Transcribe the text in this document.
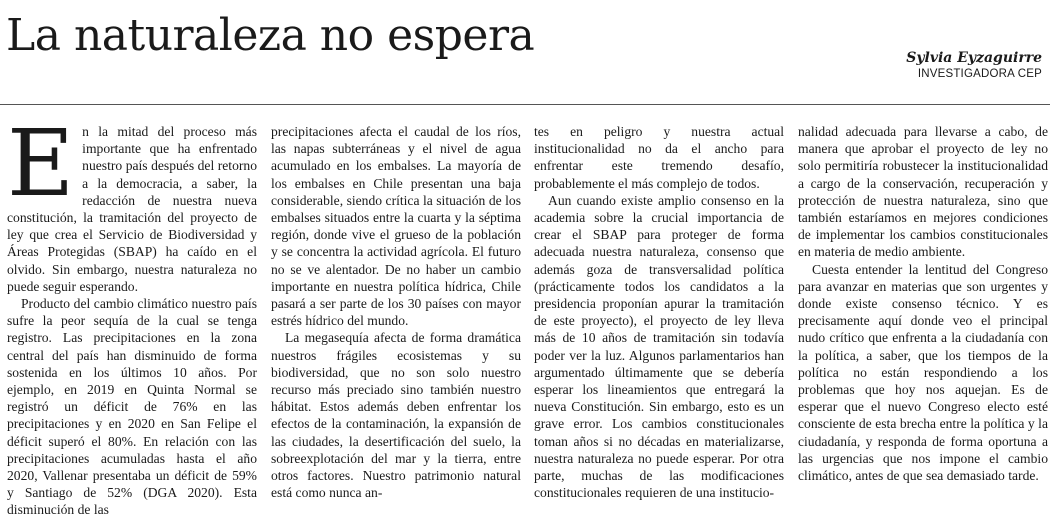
La naturaleza no espera	Sylvia Eyzaguirre
INVESTIGADORA CEP

En la mitad del proceso más importante que ha enfrentado nuestro país después del retorno a la democracia, a saber, la redacción de nuestra nueva constitución, la tramitación del proyecto de ley que crea el Servicio de Biodiversidad y Áreas Protegidas (SBAP) ha caído en el olvido. Sin embargo, nuestra naturaleza no puede seguir esperando.

Producto del cambio climático nuestro país sufre la peor sequía de la cual se tenga registro. Las precipitaciones en la zona central del país han disminuido de forma sostenida en los últimos 10 años. Por ejemplo, en 2019 en Quinta Normal se registró un déficit de 76% en las precipitaciones y en 2020 en San Felipe el déficit superó el 80%. En relación con las precipitaciones acumuladas hasta el año 2020, Vallenar presentaba un déficit de 59% y Santiago de 52% (DGA 2020). Esta disminución de las

precipitaciones afecta el caudal de los ríos, las napas subterráneas y el nivel de agua acumulado en los embalses. La mayoría de los embalses en Chile presentan una baja considerable, siendo crítica la situación de los embalses situados entre la cuarta y la séptima región, donde vive el grueso de la población y se concentra la actividad agrícola. El futuro no se ve alentador. De no haber un cambio importante en nuestra política hídrica, Chile pasará a ser parte de los 30 países con mayor estrés hídrico del mundo.

La megasequía afecta de forma dramática nuestros frágiles ecosistemas y su biodiversidad, que no son solo nuestro recurso más preciado sino también nuestro hábitat. Estos además deben enfrentar los efectos de la contaminación, la expansión de las ciudades, la desertificación del suelo, la sobreexplotación del mar y la tierra, entre otros factores. Nuestro patrimonio natural está como nunca an-

tes en peligro y nuestra actual institucionalidad no da el ancho para enfrentar este tremendo desafío, probablemente el más complejo de todos.

Aun cuando existe amplio consenso en la academia sobre la crucial importancia de crear el SBAP para proteger de forma adecuada nuestra naturaleza, consenso que además goza de transversalidad política (prácticamente todos los candidatos a la presidencia proponían apurar la tramitación de este proyecto), el proyecto de ley lleva más de 10 años de tramitación sin todavía poder ver la luz. Algunos parlamentarios han argumentado últimamente que se debería esperar los lineamientos que entregará la nueva Constitución. Sin embargo, esto es un grave error. Los cambios constitucionales toman años si no décadas en materializarse, nuestra naturaleza no puede esperar. Por otra parte, muchas de las modificaciones constitucionales requieren de una institucio-

nalidad adecuada para llevarse a cabo, de manera que aprobar el proyecto de ley no solo permitiría robustecer la institucionalidad a cargo de la conservación, recuperación y protección de nuestra naturaleza, sino que también estaríamos en mejores condiciones de implementar los cambios constitucionales en materia de medio ambiente.

Cuesta entender la lentitud del Congreso para avanzar en materias que son urgentes y donde existe consenso técnico. Y es precisamente aquí donde veo el principal nudo crítico que enfrenta a la ciudadanía con la política, a saber, que los tiempos de la política no están respondiendo a los problemas que hoy nos aquejan. Es de esperar que el nuevo Congreso electo esté consciente de esta brecha entre la política y la ciudadanía, y responda de forma oportuna a las urgencias que nos impone el cambio climático, antes de que sea demasiado tarde.
